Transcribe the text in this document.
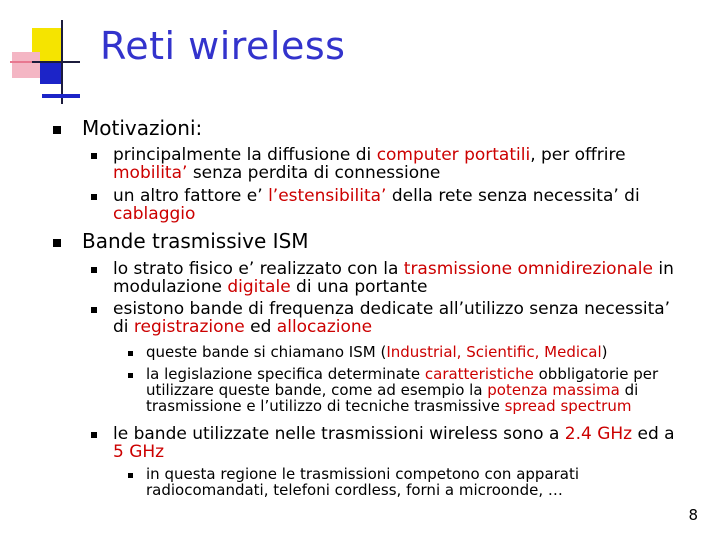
Reti wireless
Motivazioni:
principalmente la diffusione di computer portatili, per offrire
mobilita’ senza perdita di connessione
un altro fattore e’ l’estensibilita’ della rete senza necessita’ di
cablaggio
Bande trasmissive ISM
lo strato fisico e’ realizzato con la trasmissione omnidirezionale in
modulazione digitale di una portante
esistono bande di frequenza dedicate all’utilizzo senza necessita’
di registrazione ed allocazione
queste bande si chiamano ISM (Industrial, Scientific, Medical)
la legislazione specifica determinate caratteristiche obbligatorie per
utilizzare queste bande, come ad esempio la potenza massima di
trasmissione e l’utilizzo di tecniche trasmissive spread spectrum
le bande utilizzate nelle trasmissioni wireless sono a 2.4 GHz ed a
5 GHz
in questa regione le trasmissioni competono con apparati
radiocomandati, telefoni cordless, forni a microonde, …
8
